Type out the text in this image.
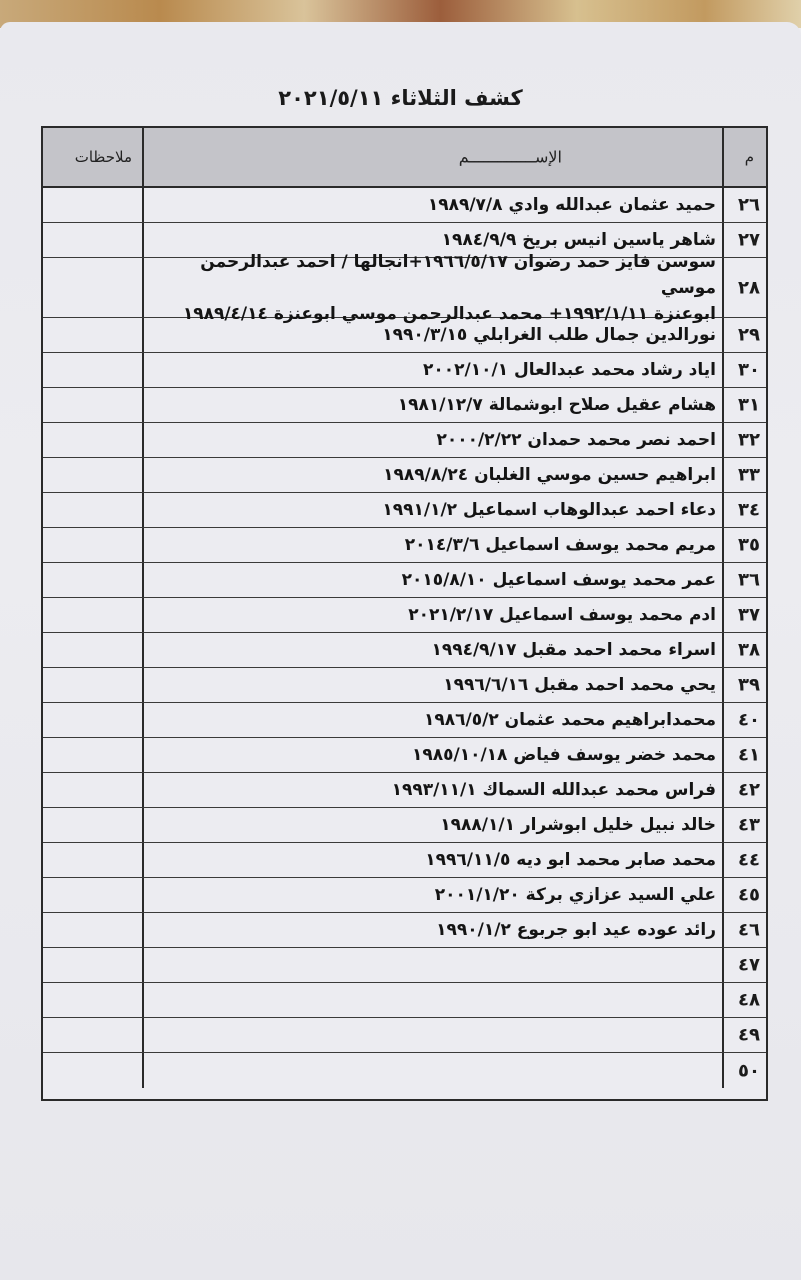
كشف الثلاثاء ٢٠٢١/٥/١١
م
الإســــــــــــــم
ملاحظات
٢٦
حميد عثمان عبدالله وادي ١٩٨٩/٧/٨
٢٧
شاهر ياسين انيس بريخ ١٩٨٤/٩/٩
٢٨
سوسن فايز حمد رضوان ١٩٦٦/٥/١٧+انجالها / احمد عبدالرحمن موسي
ابوعنزة ١٩٩٢/١/١١+ محمد عبدالرحمن موسي ابوعنزة ١٩٨٩/٤/١٤
٢٩
نورالدين جمال طلب الغرابلي ١٩٩٠/٣/١٥
٣٠
اياد رشاد محمد عبدالعال ٢٠٠٢/١٠/١
٣١
هشام عقيل صلاح ابوشمالة ١٩٨١/١٢/٧
٣٢
احمد نصر محمد حمدان ٢٠٠٠/٢/٢٢
٣٣
ابراهيم حسين موسي الغلبان ١٩٨٩/٨/٢٤
٣٤
دعاء احمد عبدالوهاب اسماعيل ١٩٩١/١/٢
٣٥
مريم محمد يوسف اسماعيل ٢٠١٤/٣/٦
٣٦
عمر محمد يوسف اسماعيل ٢٠١٥/٨/١٠
٣٧
ادم محمد يوسف اسماعيل ٢٠٢١/٢/١٧
٣٨
اسراء محمد احمد مقبل ١٩٩٤/٩/١٧
٣٩
يحي محمد احمد مقبل ١٩٩٦/٦/١٦
٤٠
محمدابراهيم محمد عثمان ١٩٨٦/٥/٢
٤١
محمد خضر يوسف فياض ١٩٨٥/١٠/١٨
٤٢
فراس محمد عبدالله السماك ١٩٩٣/١١/١
٤٣
خالد نبيل خليل ابوشرار ١٩٨٨/١/١
٤٤
محمد صابر محمد ابو ديه ١٩٩٦/١١/٥
٤٥
علي السيد عزازي بركة ٢٠٠١/١/٢٠
٤٦
رائد عوده عيد ابو جربوع ١٩٩٠/١/٢
٤٧
٤٨
٤٩
٥٠
